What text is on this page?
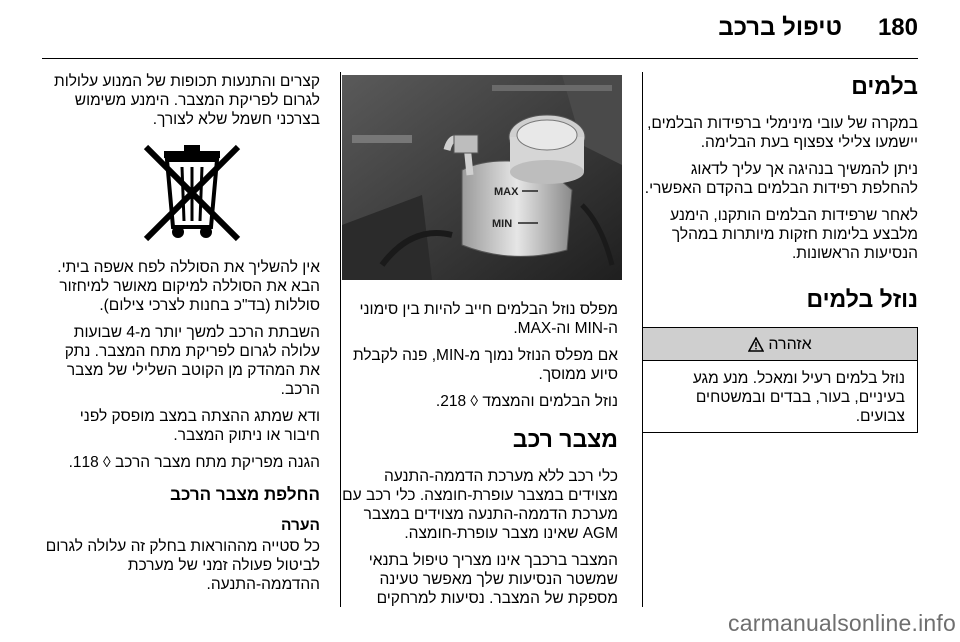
180
טיפול ברכב
בלמים

במקרה של עובי מינימלי ברפידות הבלמים, יישמעו צלילי צפצוף בעת הבלימה.

ניתן להמשיך בנהיגה אך עליך לדאוג להחלפת רפידות הבלמים בהקדם האפשרי.

לאחר שרפידות הבלמים הותקנו, הימנע מלבצע בלימות חזקות מיותרות במהלך הנסיעות הראשונות.

נוזל בלמים
אזהרה
נוזל בלמים רעיל ומאכל. מנע מגע בעיניים, בעור, בבדים ובמשטחים צבועים.
MAX
MIN

מפלס נוזל הבלמים חייב להיות בין סימוני ה-MIN וה-MAX.

אם מפלס הנוזל נמוך מ-MIN, פנה לקבלת סיוע ממוסך.

נוזל הבלמים והמצמד ◊ 218.

מצבר רכב

כלי רכב ללא מערכת הדממה-התנעה מצוידים במצבר עופרת-חומצה. כלי רכב עם מערכת הדממה-התנעה מצוידים במצבר AGM שאינו מצבר עופרת-חומצה.

המצבר ברכבך אינו מצריך טיפול בתנאי שמשטר הנסיעות שלך מאפשר טעינה מספקת של המצבר. נסיעות למרחקים

קצרים והתנעות תכופות של המנוע עלולות לגרום לפריקת המצבר. הימנע משימוש בצרכני חשמל שלא לצורך.

אין להשליך את הסוללה לפח אשפה ביתי. הבא את הסוללה למיקום מאושר למיחזור סוללות (בד"כ בחנות לצרכי צילום).

השבתת הרכב למשך יותר מ-4 שבועות עלולה לגרום לפריקת מתח המצבר. נתק את המהדק מן הקוטב השלילי של מצבר הרכב.

ודא שמתג ההצתה במצב מופסק לפני חיבור או ניתוק המצבר.

הגנה מפריקת מתח מצבר הרכב ◊ 118.

החלפת מצבר הרכב
הערה

כל סטייה מההוראות בחלק זה עלולה לגרום לביטול פעולה זמני של מערכת ההדממה-התנעה.

carmanualsonline.info
